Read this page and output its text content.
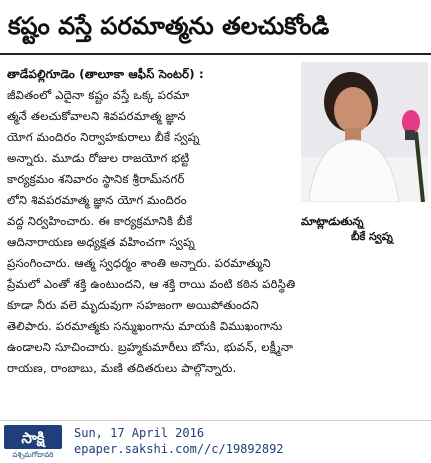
కష్టం వస్తే పరమాత్మను తలచుకోండి
తాడేపల్లిగూడెం (తాలూకా ఆఫీస్ సెంటర్) :
జీవితంలో ఎదైనా కష్టం వస్తే ఒక్క పరమా
త్మనే తలచుకోవాలని శివపరమాత్మ జ్ఞాన
యోగ మందిరం నిర్వాహకురాలు బీకే స్వప్న
అన్నారు. మూడు రోజుల రాజయోగ భట్టి
కార్యక్రమం శనివారం స్థానిక శ్రీరామ్‌నగర్
లోని శివపరమాత్మ జ్ఞాన యోగ మందిరం
వద్ద నిర్వహించారు. ఈ కార్యక్రమానికి బీకే
ఆదినారాయణ అధ్యక్షత వహించగా స్వప్న
ప్రసంగించారు. ఆత్మ స్వధర్మం శాంతి అన్నారు. పరమాత్ముని
ప్రేమలో ఎంతో శక్తి ఉంటుందని, ఆ శక్తి రాయి వంటి కఠిన పరిస్థితి
కూడా నీరు వలె మృదువుగా సహజంగా అయిపోతుందని
తెలిపారు. పరమాత్మకు సన్ముఖంగాను మాయకి విముఖంగాను
ఉండాలని సూచించారు. బ్రహ్మకుమారీలు బోసు, భువన్, లక్ష్మీనా
రాయణ, రాంబాబు, మణి తదితరులు పాల్గొన్నారు.
మాట్లాడుతున్న
బీకే స్వప్న
సాక్షి
పశ్చిమగోదావరి
Sun, 17 April 2016
epaper.sakshi.com//c/19892892
